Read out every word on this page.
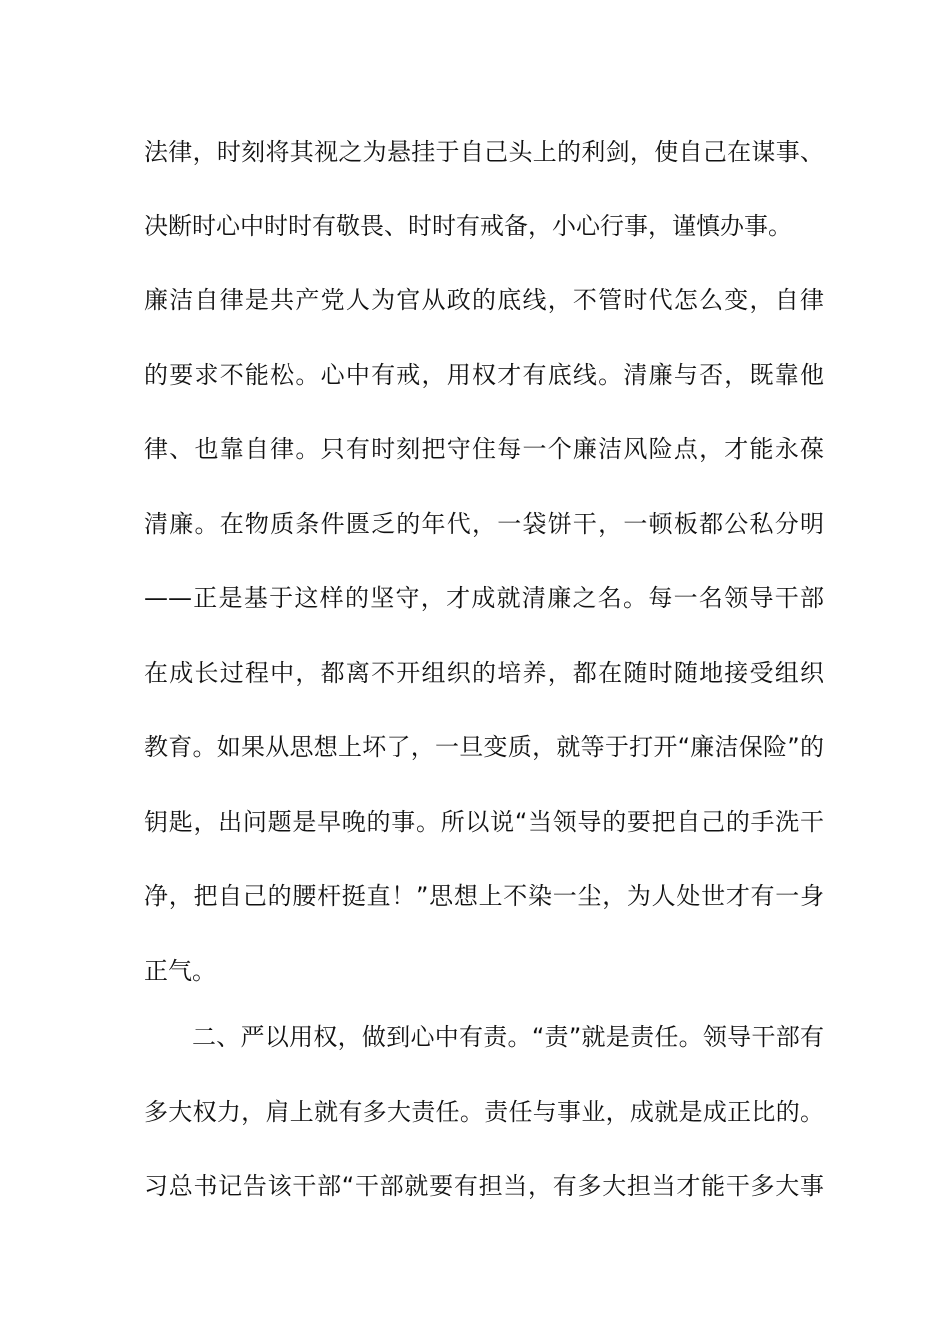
法律，时刻将其视之为悬挂于自己头上的利剑，使自己在谋事、
决断时心中时时有敬畏、时时有戒备，小心行事，谨慎办事。
廉洁自律是共产党人为官从政的底线，不管时代怎么变，自律
的要求不能松。心中有戒，用权才有底线。清廉与否，既靠他
律、也靠自律。只有时刻把守住每一个廉洁风险点，才能永葆
清廉。在物质条件匮乏的年代，一袋饼干，一顿板都公私分明
——正是基于这样的坚守，才成就清廉之名。每一名领导干部
在成长过程中，都离不开组织的培养，都在随时随地接受组织
教育。如果从思想上坏了，一旦变质，就等于打开“廉洁保险”的
钥匙，出问题是早晚的事。所以说“当领导的要把自己的手洗干
净，把自己的腰杆挺直！”思想上不染一尘，为人处世才有一身
正气。
二、严以用权，做到心中有责。“责”就是责任。领导干部有
多大权力，肩上就有多大责任。责任与事业，成就是成正比的。
习总书记告该干部“干部就要有担当，有多大担当才能干多大事
